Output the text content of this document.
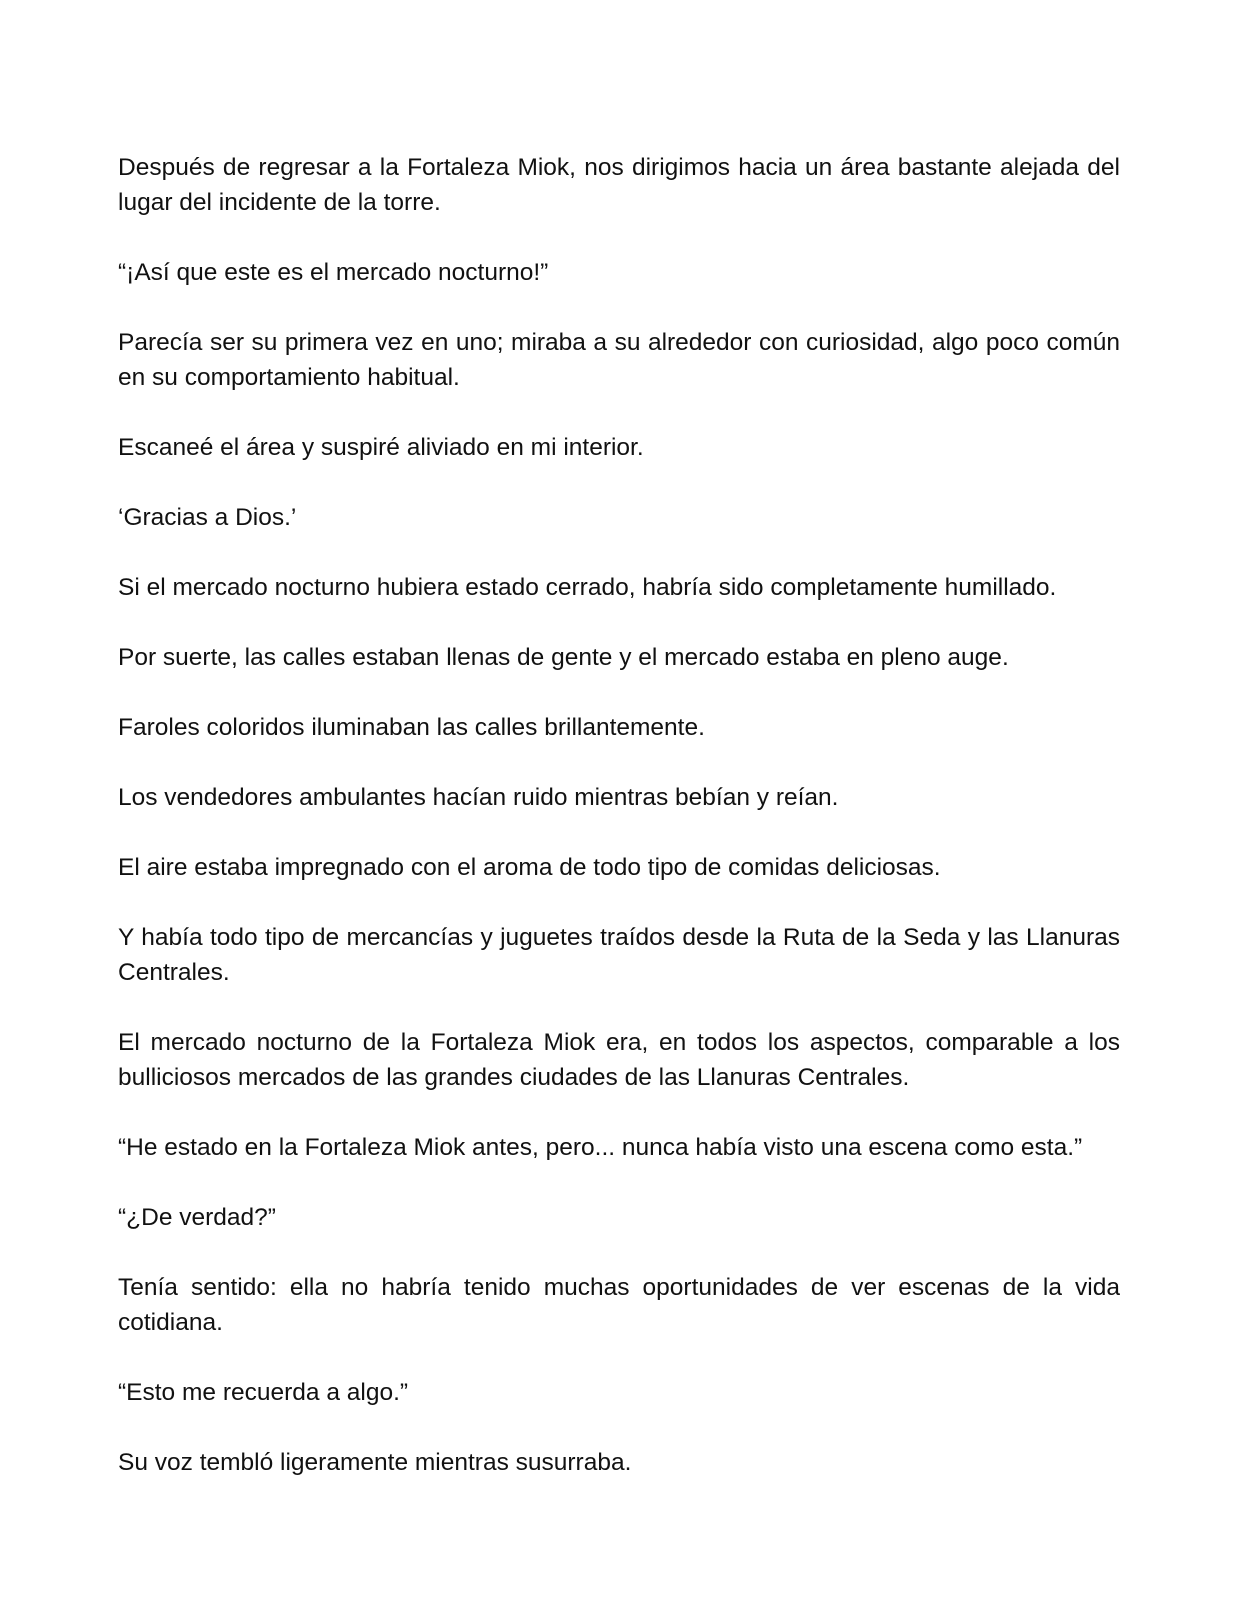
Después de regresar a la Fortaleza Miok, nos dirigimos hacia un área bastante alejada del lugar del incidente de la torre.

“¡Así que este es el mercado nocturno!”

Parecía ser su primera vez en uno; miraba a su alrededor con curiosidad, algo poco común en su comportamiento habitual.

Escaneé el área y suspiré aliviado en mi interior.

‘Gracias a Dios.’

Si el mercado nocturno hubiera estado cerrado, habría sido completamente humillado.

Por suerte, las calles estaban llenas de gente y el mercado estaba en pleno auge.

Faroles coloridos iluminaban las calles brillantemente.

Los vendedores ambulantes hacían ruido mientras bebían y reían.

El aire estaba impregnado con el aroma de todo tipo de comidas deliciosas.

Y había todo tipo de mercancías y juguetes traídos desde la Ruta de la Seda y las Llanuras Centrales.

El mercado nocturno de la Fortaleza Miok era, en todos los aspectos, comparable a los bulliciosos mercados de las grandes ciudades de las Llanuras Centrales.

“He estado en la Fortaleza Miok antes, pero... nunca había visto una escena como esta.”

“¿De verdad?”

Tenía sentido: ella no habría tenido muchas oportunidades de ver escenas de la vida cotidiana.

“Esto me recuerda a algo.”

Su voz tembló ligeramente mientras susurraba.
